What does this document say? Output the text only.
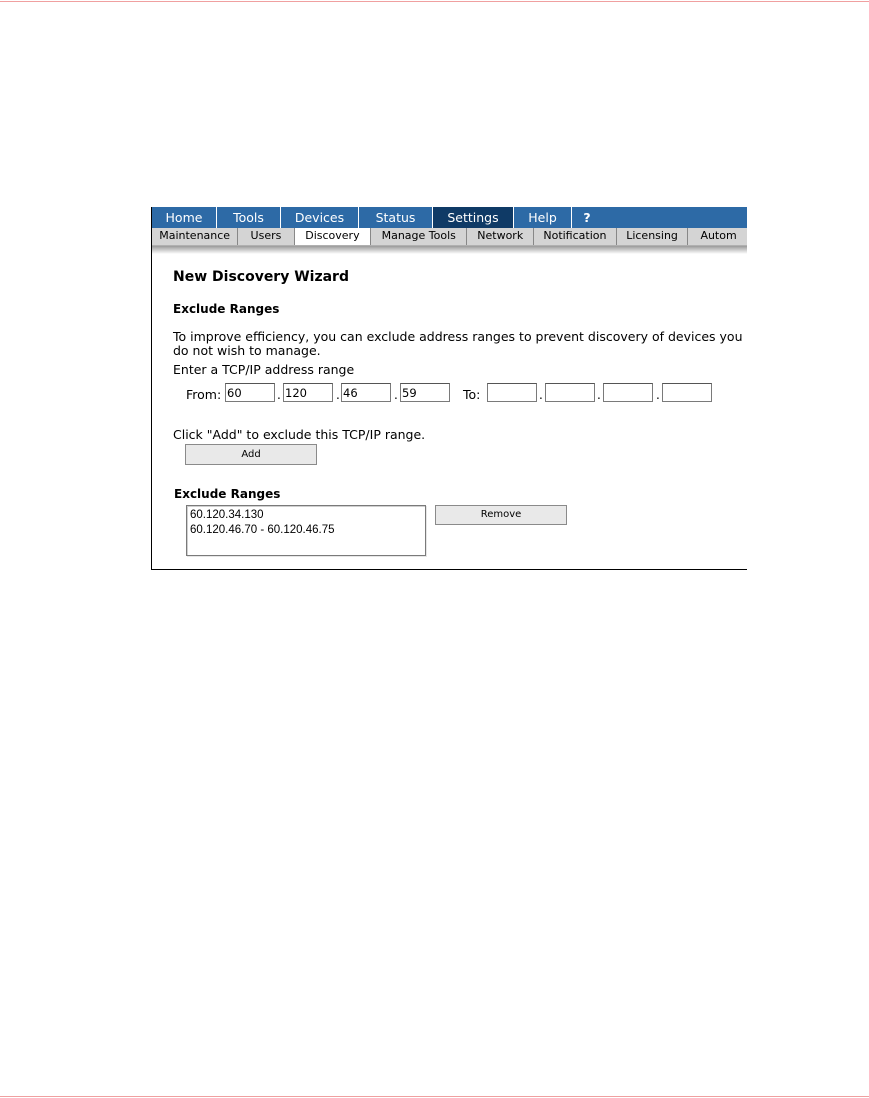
Home	Tools	Devices	Status	Settings	Help	?
Maintenance	Users	Discovery	Manage Tools	Network	Notification	Licensing	Autom
New Discovery Wizard
Exclude Ranges
To improve efficiency, you can exclude address ranges to prevent discovery of devices you do not wish to manage.
Enter a TCP/IP address range
From:
60	.
120	.
46	.
59	To:	.	.	.
Click "Add" to exclude this TCP/IP range.
Add
Exclude Ranges
60.120.34.130
60.120.46.70 - 60.120.46.75
Remove
